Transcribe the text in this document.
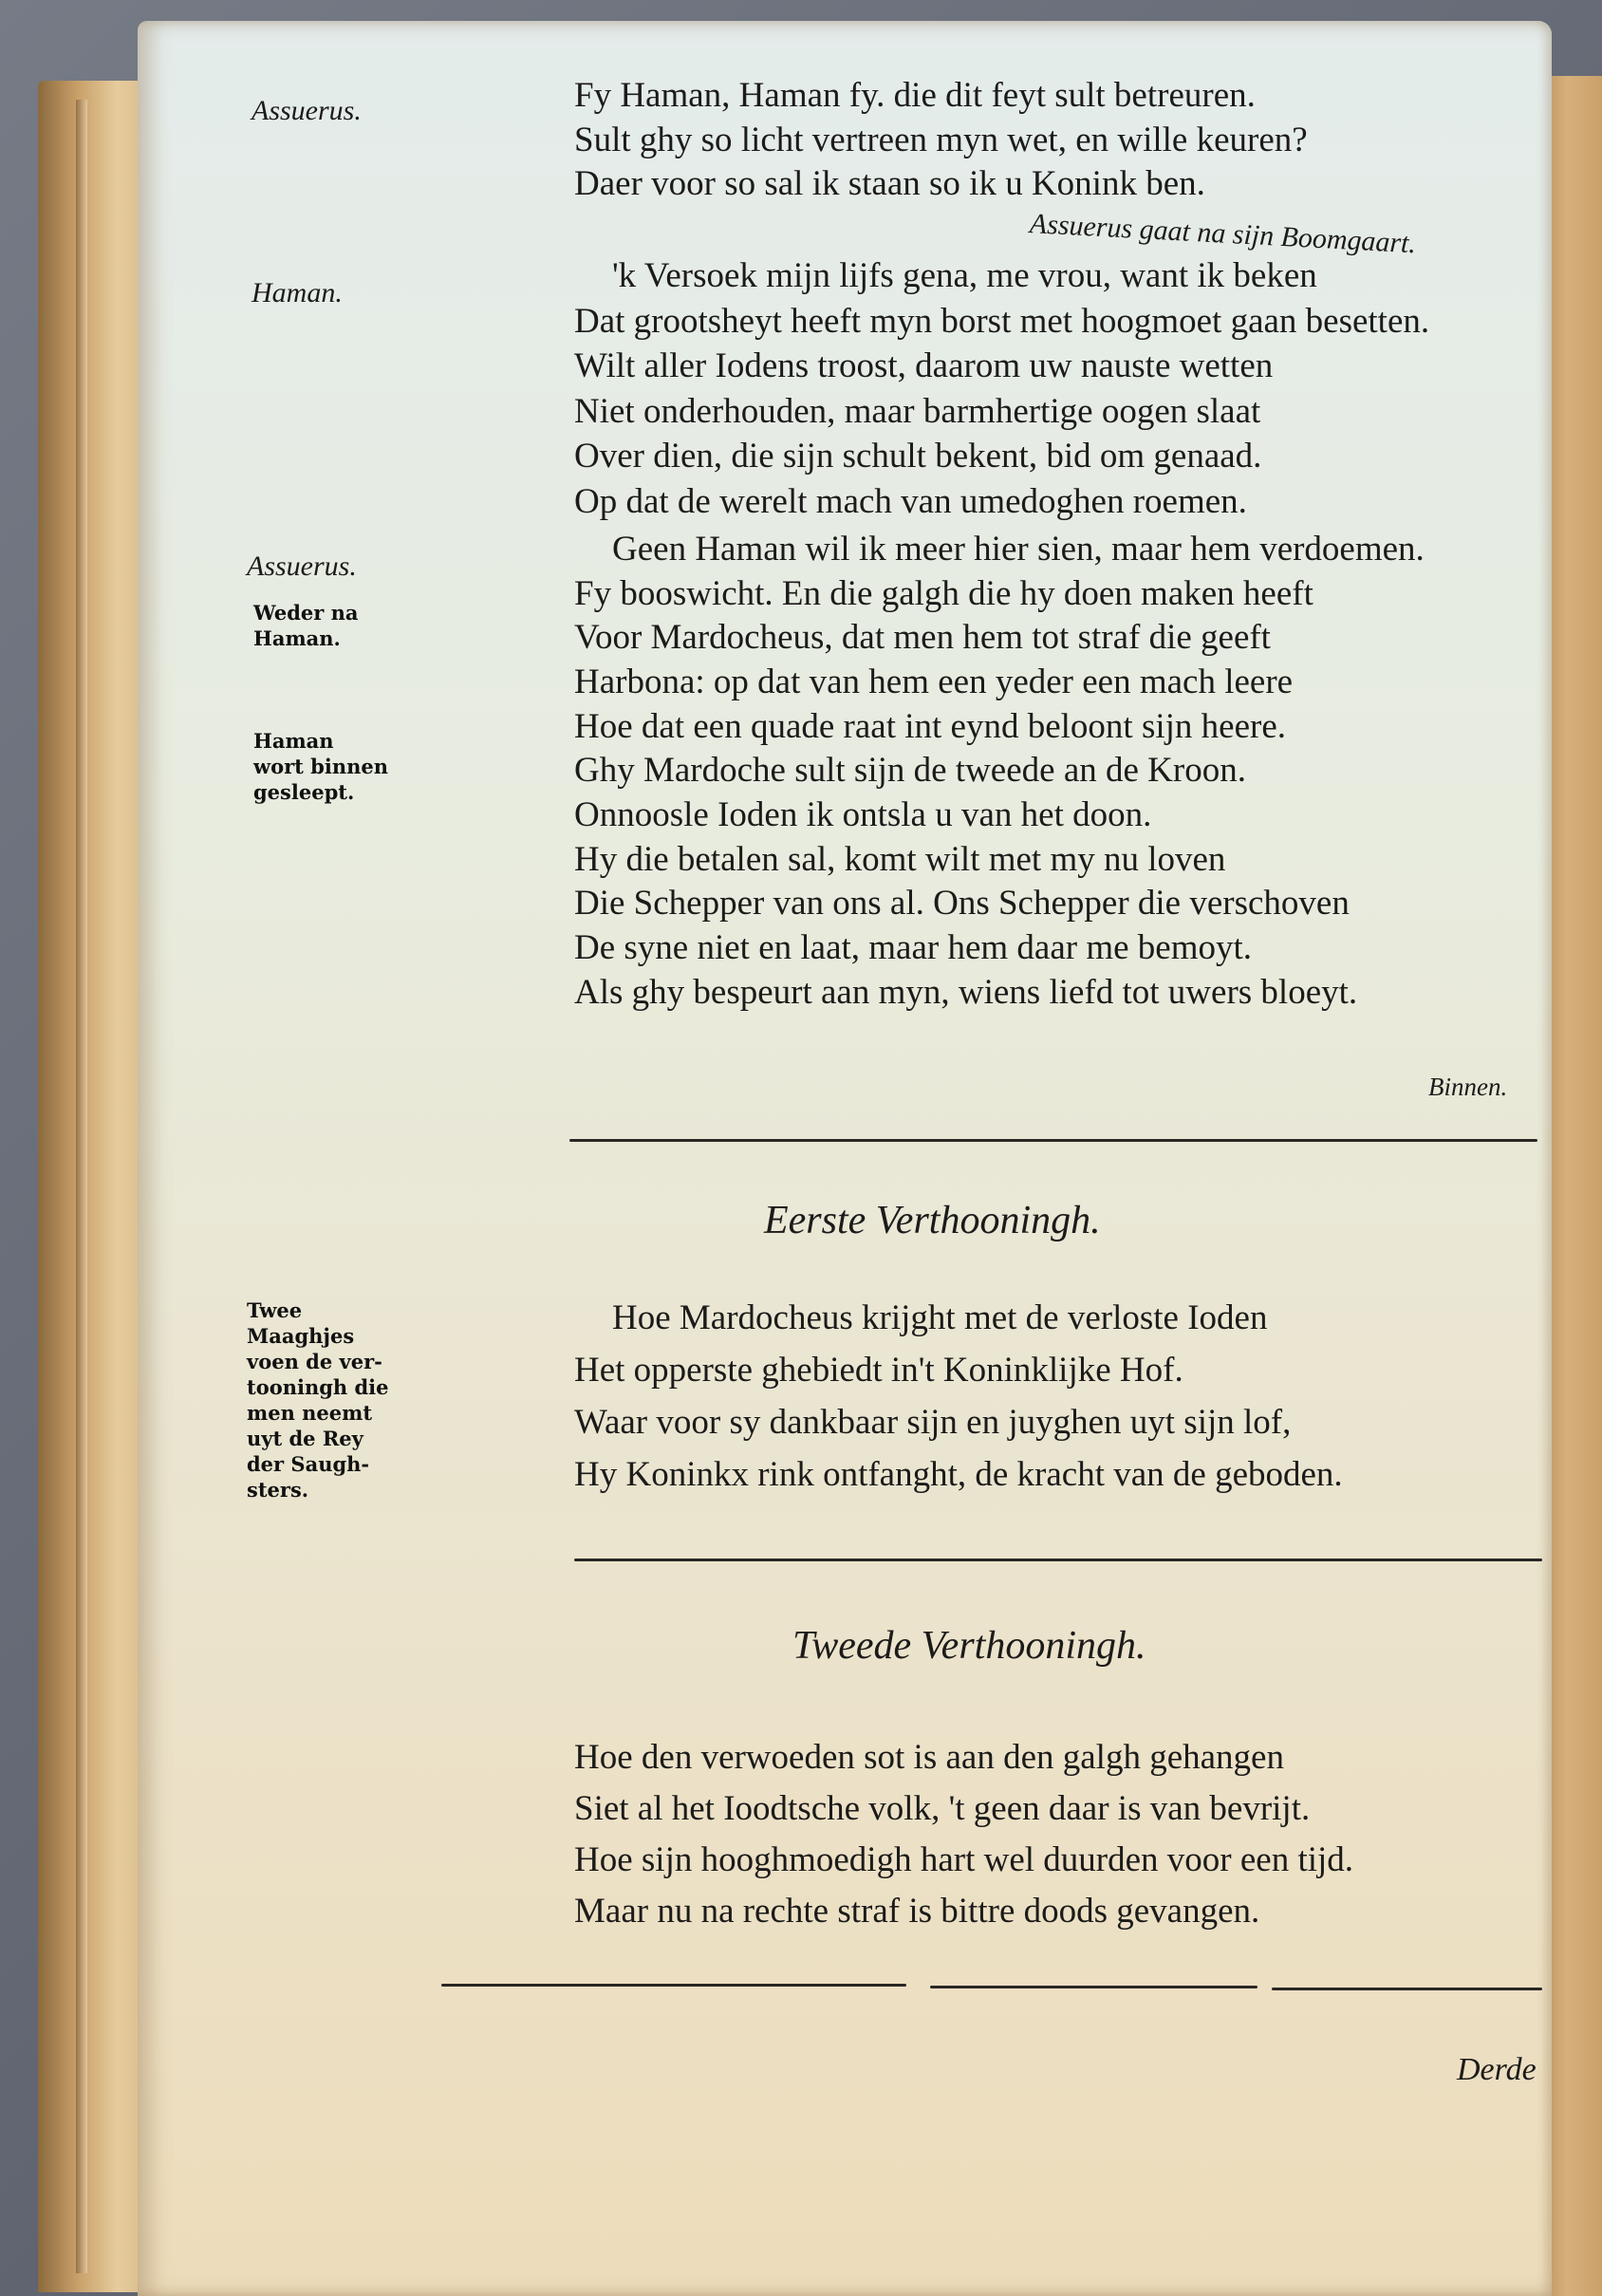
Assuerus.	Fy Haman, Haman fy. die dit feyt sult betreuren.
Sult ghy so licht vertreen myn wet, en wille keuren?
Daer voor so sal ik staan so ik u Konink ben.
Assuerus gaat na sijn Boomgaart.
Haman.	'k Versoek mijn lijfs gena, me vrou, want ik beken
Dat grootsheyt heeft myn borst met hoogmoet gaan besetten.
Wilt aller Iodens troost, daarom uw nauste wetten
Niet onderhouden, maar barmhertige oogen slaat
Over dien, die sijn schult bekent, bid om genaad.
Op dat de werelt mach van umedoghen roemen.
Assuerus.
Weder na
Haman.
Haman
wort binnen
gesleept.
Geen Haman wil ik meer hier sien, maar hem verdoemen.
Fy booswicht. En die galgh die hy doen maken heeft
Voor Mardocheus, dat men hem tot straf die geeft
Harbona: op dat van hem een yeder een mach leere
Hoe dat een quade raat int eynd beloont sijn heere.
Ghy Mardoche sult sijn de tweede an de Kroon.
Onnoosle Ioden ik ontsla u van het doon.
Hy die betalen sal, komt wilt met my nu loven
Die Schepper van ons al. Ons Schepper die verschoven
De syne niet en laat, maar hem daar me bemoyt.
Als ghy bespeurt aan myn, wiens liefd tot uwers bloeyt.
Binnen.
Eerste Verthooningh.
Twee
Maaghjes
voen de ver-
tooningh die
men neemt
uyt de Rey
der Saugh-
sters.
Hoe Mardocheus krijght met de verloste Ioden
Het opperste ghebiedt in't Koninklijke Hof.
Waar voor sy dankbaar sijn en juyghen uyt sijn lof,
Hy Koninkx rink ontfanght, de kracht van de geboden.
Tweede Verthooningh.
Hoe den verwoeden sot is aan den galgh gehangen
Siet al het Ioodtsche volk, 't geen daar is van bevrijt.
Hoe sijn hooghmoedigh hart wel duurden voor een tijd.
Maar nu na rechte straf is bittre doods gevangen.
Derde
